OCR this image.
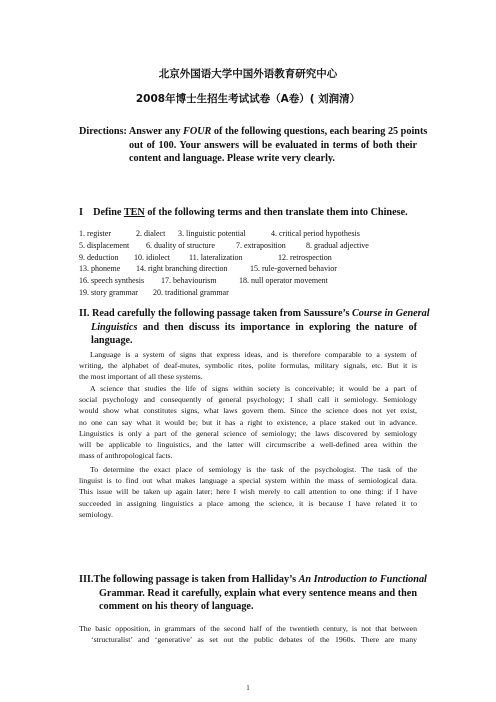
北京外国语大学中国外语教育研究中心
2008年博士生招生考试试卷（A卷）( 刘润清）
Directions: Answer any FOUR of the following questions, each bearing 25 points
out of 100. Your answers will be evaluated in terms of both their
content and language. Please write very clearly.
I    Define TEN of the following terms and then translate them into Chinese.
1. register	2. dialect 3. linguistic potential	4. critical period hypothesis
5. displacement 6. duality of structure	7. extraposition	8. gradual adjective
9. deduction 10. idiolect 11. lateralization	12. retrospection
13. phoneme 14. right branching direction	15. rule-governed behavior
16. speech synthesis 17. behaviourism	18. null operator movement
19. story grammar 20. traditional grammar
II. Read carefully the following passage taken from Saussure’s Course in General
Linguistics and then discuss its importance in exploring the nature of
language.
Language is a system of signs that express ideas, and is therefore comparable to a system of
writing, the alphabet of deaf-mutes, symbolic rites, polite formulas, military signals, etc. But it is
the most important of all these systems.
A science that studies the life of signs within society is conceivable; it would be a part of
social psychology and consequently of general psychology; I shall call it semiology. Semiology
would show what constitutes signs, what laws govern them. Since the science does not yet exist,
no one can say what it would be; but it has a right to existence, a place staked out in advance.
Linguistics is only a part of the general science of semiology; the laws discovered by semiology
will be applicable to linguistics, and the latter will circumscribe a well-defined area within the
mass of anthropological facts.
To determine the exact place of semiology is the task of the psychologist. The task of the
linguist is to find out what makes language a special system within the mass of semiological data.
This issue will be taken up again later; here I wish merely to call attention to one thing: if I have
succeeded in assigning linguistics a place among the science, it is because I have related it to
semiology.
III.The following passage is taken from Halliday’s An Introduction to Functional
Grammar. Read it carefully, explain what every sentence means and then
comment on his theory of language.
The basic opposition, in grammars of the second half of the twentieth century, is not that between
‘structuralist’ and ‘generative’ as set out the public debates of the 1960s. There are many
1
